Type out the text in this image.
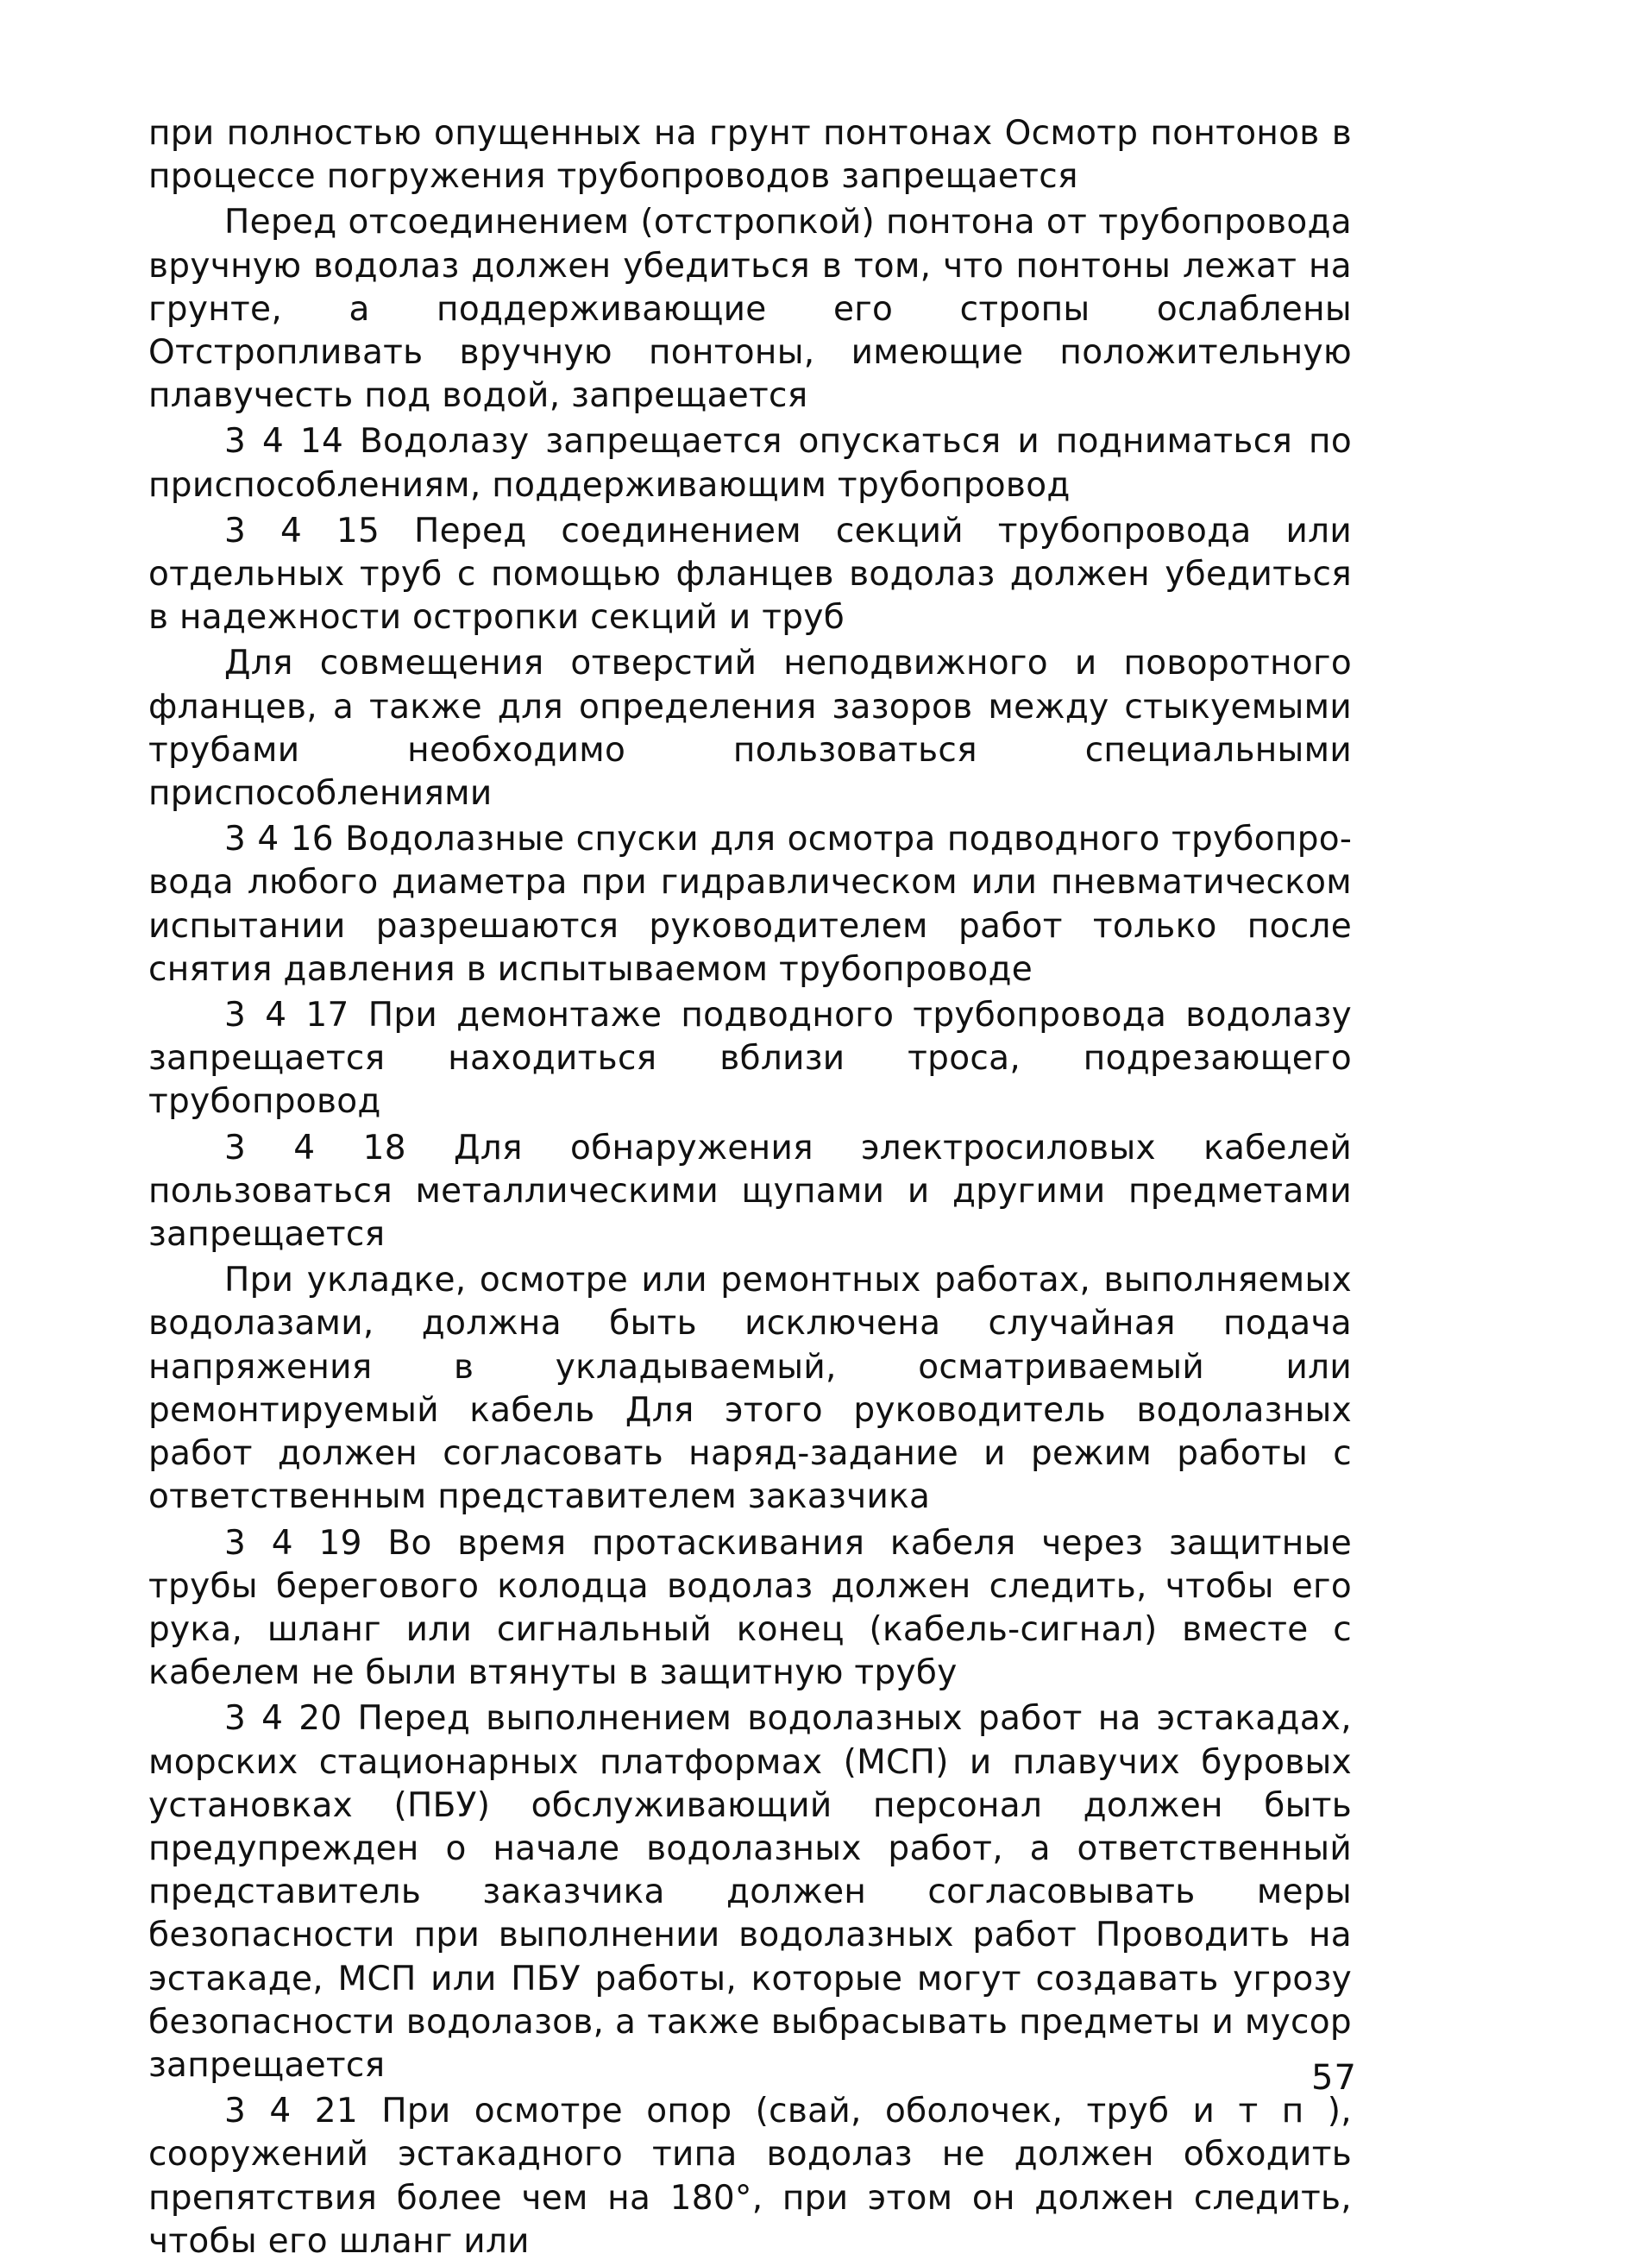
при полностью опущенных на грунт понтонах Осмотр понтонов в процессе погружения трубопроводов запрещается

Перед отсоединением (отстропкой) понтона от трубопровода вручную водолаз должен убедиться в том, что понтоны лежат на грунте, а поддерживающие его стропы ослаблены Отстропливать вручную понтоны, имеющие положительную плавучесть под водой, запрещается

3 4 14 Водолазу запрещается опускаться и подниматься по приспособлениям, поддерживающим трубопровод

3 4 15 Перед соединением секций трубопровода или отдельных труб с помощью фланцев водолаз должен убедиться в надежности остропки секций и труб

Для совмещения отверстий неподвижного и поворотного фланцев, а также для определения зазоров между стыкуемыми трубами необходимо пользоваться специальными приспособлениями

3 4 16 Водолазные спуски для осмотра подводного трубопровода любого диаметра при гидравлическом или пневматическом испытании разрешаются руководителем работ только после снятия давления в испытываемом трубопроводе

3 4 17 При демонтаже подводного трубопровода водолазу запрещается находиться вблизи троса, подрезающего трубопровод

3 4 18 Для обнаружения электросиловых кабелей пользоваться металлическими щупами и другими предметами запрещается

При укладке, осмотре или ремонтных работах, выполняемых водолазами, должна быть исключена случайная подача напряжения в укладываемый, осматриваемый или ремонтируемый кабель Для этого руководитель водолазных работ должен согласовать наряд-задание и режим работы с ответственным представителем заказчика

3 4 19 Во время протаскивания кабеля через защитные трубы берегового колодца водолаз должен следить, чтобы его рука, шланг или сигнальный конец (кабель-сигнал) вместе с кабелем не были втянуты в защитную трубу

3 4 20 Перед выполнением водолазных работ на эстакадах, морских стационарных платформах (МСП) и плавучих буровых установках (ПБУ) обслуживающий персонал должен быть предупрежден о начале водолазных работ, а ответственный представитель заказчика должен согласовывать меры безопасности при выполнении водолазных работ Проводить на эстакаде, МСП или ПБУ работы, которые могут создавать угрозу безопасности водолазов, а также выбрасывать предметы и мусор запрещается

3 4 21 При осмотре опор (свай, оболочек, труб и т п ), сооружений эстакадного типа водолаз не должен обходить препятствия более чем на 180°, при этом он должен следить, чтобы его шланг или

57
